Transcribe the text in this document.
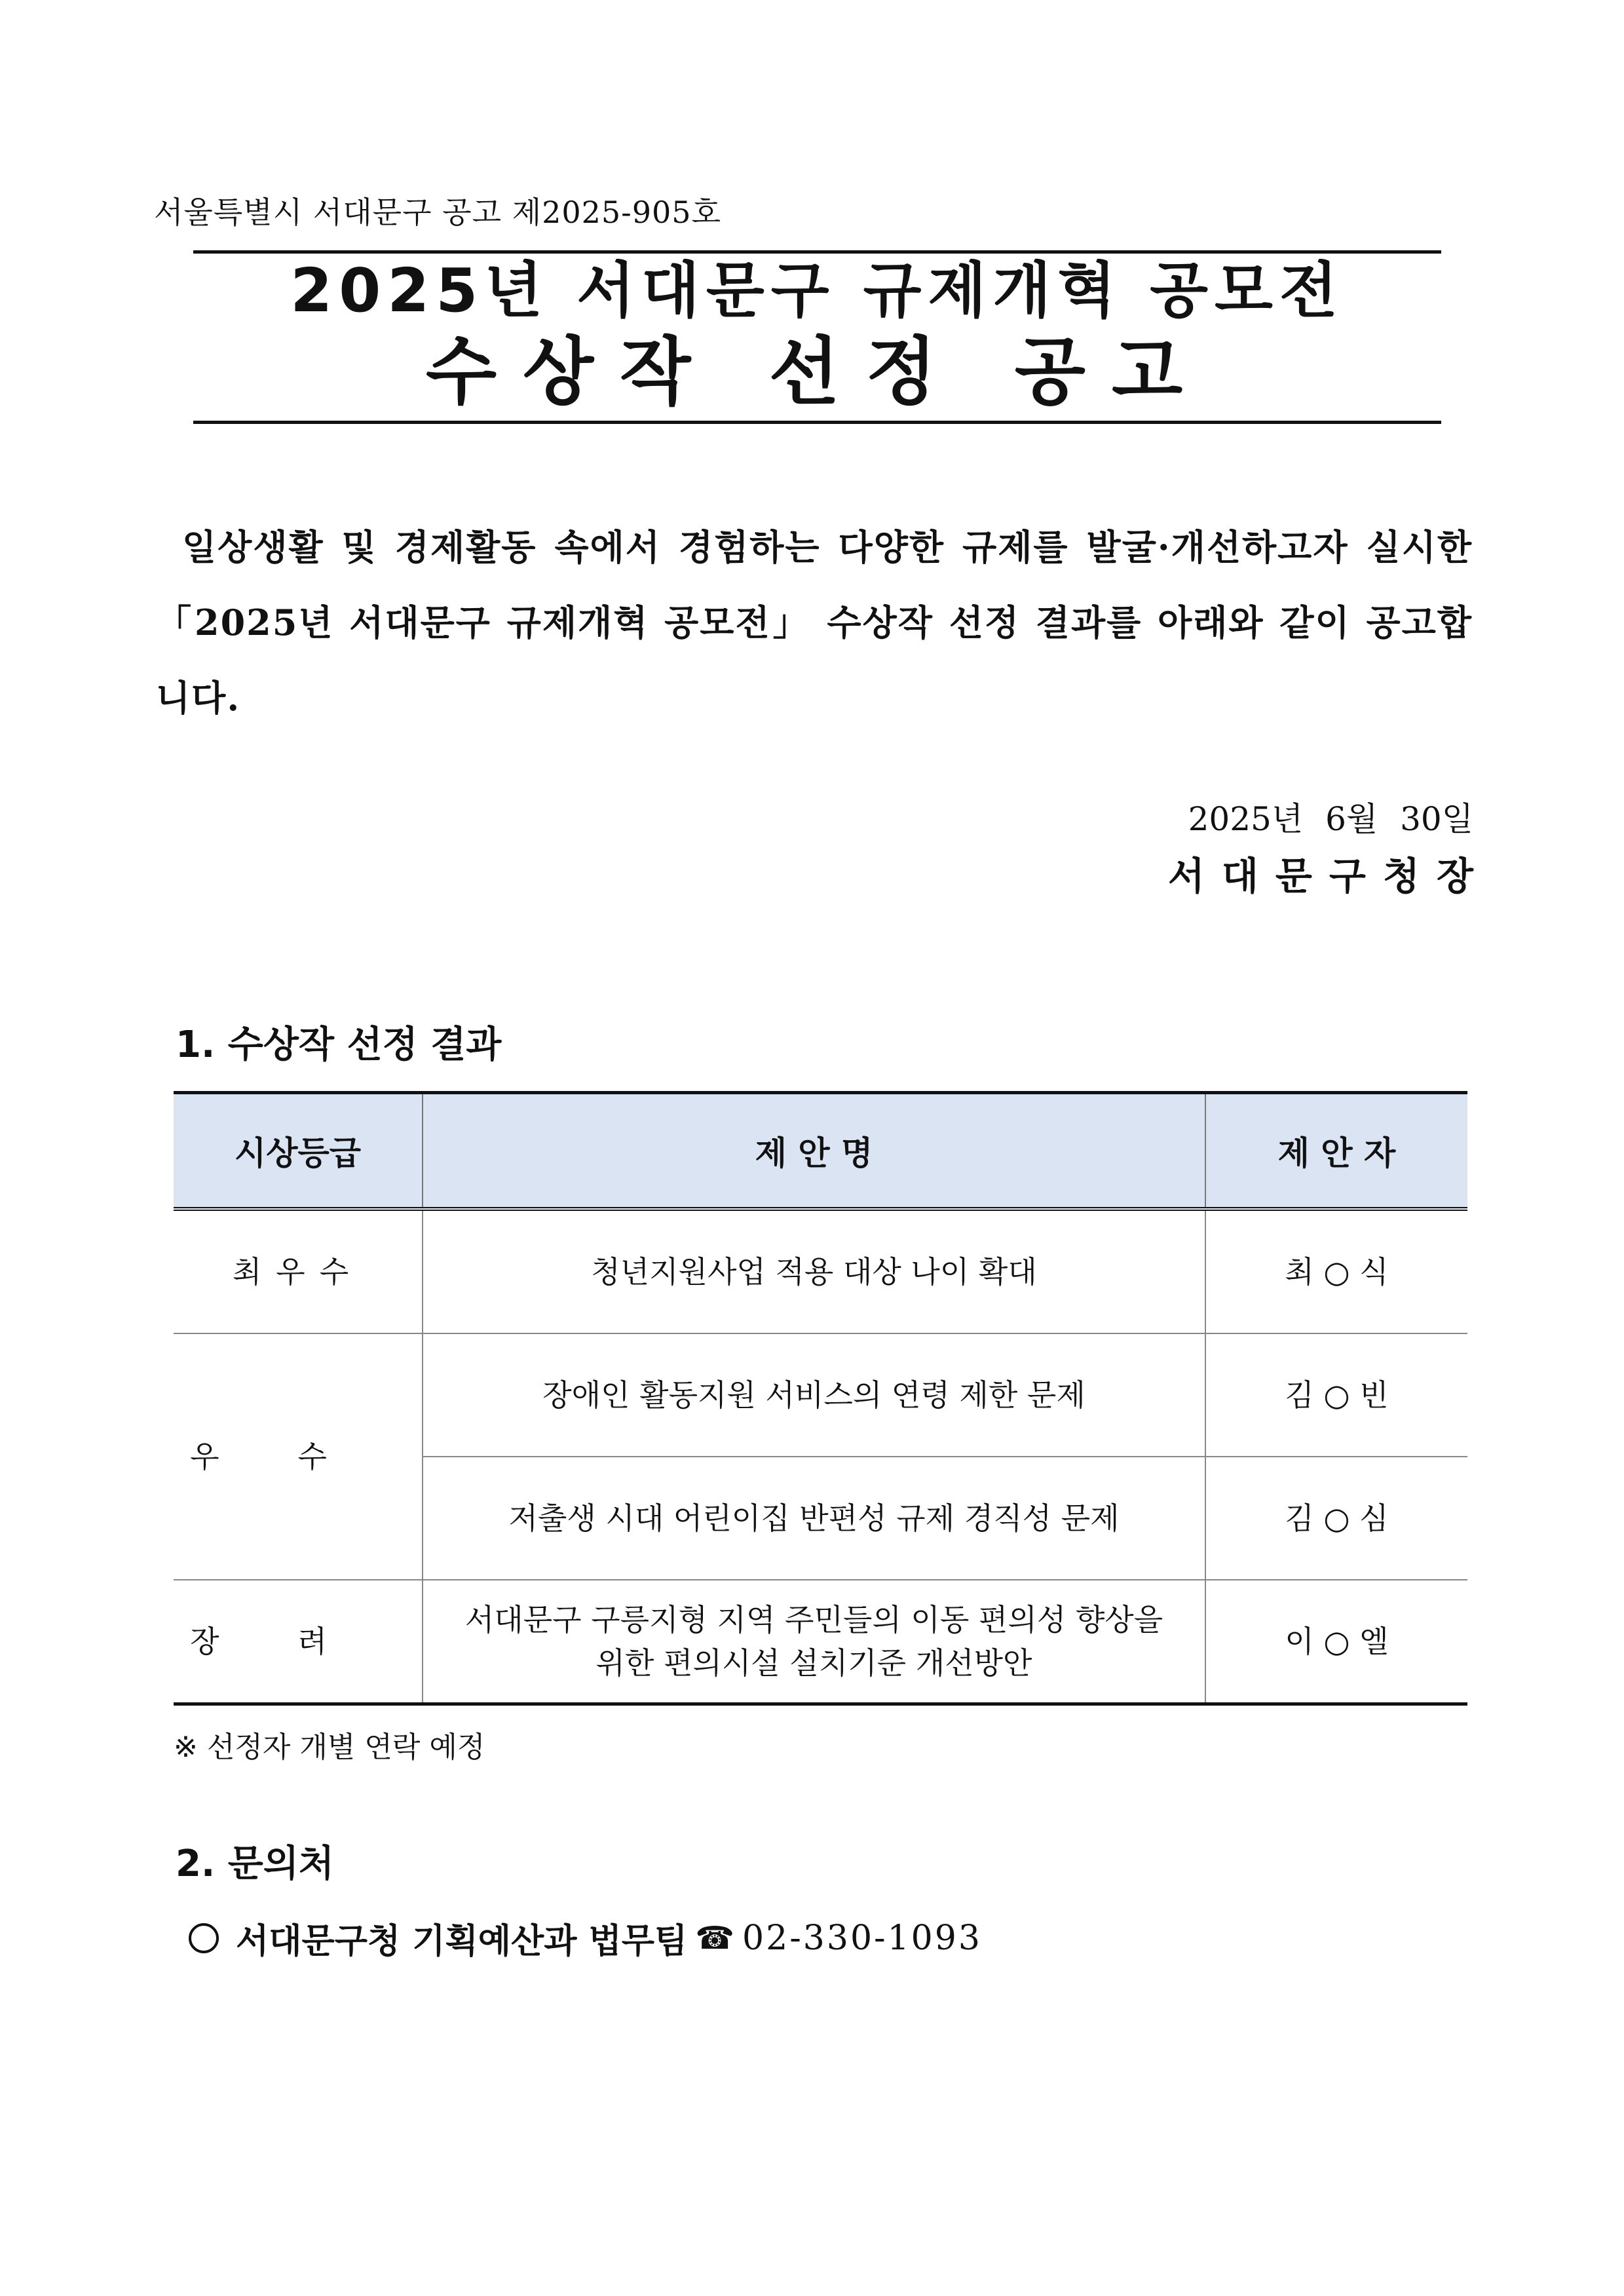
서울특별시 서대문구 공고 제2025-905호
2025년 서대문구 규제개혁 공모전
수상작 선정 공고
일상생활 및 경제활동 속에서 경험하는 다양한 규제를 발굴·개선하고자 실시한 「2025년 서대문구 규제개혁 공모전」 수상작 선정 결과를 아래와 같이 공고합니다.
2025년 6월 30일
서대문구청장
1. 수상작 선정 결과
시상등급	제 안 명	제 안 자
최우수	청년지원사업 적용 대상 나이 확대	최 ○ 식
우수	장애인 활동지원 서비스의 연령 제한 문제	김 ○ 빈
	저출생 시대 어린이집 반편성 규제 경직성 문제	김 ○ 심
장려	서대문구 구릉지형 지역 주민들의 이동 편의성 향상을
위한 편의시설 설치기준 개선방안	이 ○ 엘
※ 선정자 개별 연락 예정
2. 문의처
서대문구청 기획예산과 법무팀 ☎ 02-330-1093
